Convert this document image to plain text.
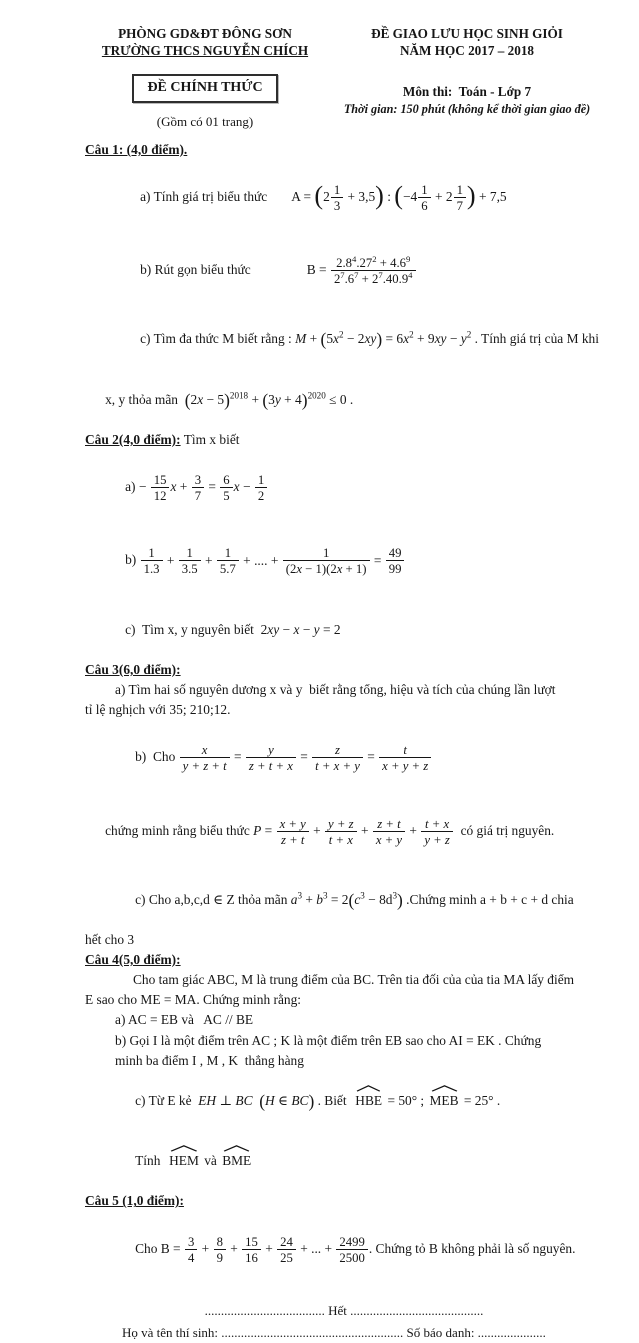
PHÒNG GD&ĐT ĐÔNG SƠN
TRƯỜNG THCS NGUYỄN CHÍCH
ĐỀ CHÍNH THỨC
(Gồm có 01 trang)
ĐỀ GIAO LƯU HỌC SINH GIỎI
NĂM HỌC 2017 – 2018
Môn thi:  Toán - Lớp 7
Thời gian: 150 phút (không kể thời gian giao đề)
Câu 1: (4,0 điểm).

a) Tính giá trị biểu thức $A = (2 \frac{1}{3} + 3,5)$ : ($-4 \frac{1}{6} + 2 \frac{1}{7}$ ) + 7,5

b) Rút gọn biểu thức	$B = \frac{2.8^4.27^2 + 4.6^9}{2^7.6^7 + 2^7.40.9^4}$

c) Tìm đa thức M biết rằng : $M + (5x^2 - 2xy) = 6x^2 + 9xy - y^2$ . Tính giá trị của M khi

x, y thỏa mãn  $(2x - 5)^{2018} + (3y + 4)^{2020} \le 0$ .

Câu 2(4,0 điểm): Tìm x biết

$a) - \frac{15}{12}$ $x + \frac{3}{7} = \frac{6}{5}$ $x - \frac{1}{2}$

$b) \frac{1}{1.3} + \frac{1}{3.5} + \frac{1}{5.7}$ + .... + $\frac{1}{(2x - 1)(2x + 1)} = \frac{49}{99}$

c)  Tìm x, y nguyên biết  2xy − x − y = 2

Câu 3(6,0 điểm):
a) Tìm hai số nguyên dương x và y  biết rằng tổng, hiệu và tích của chúng lần lượt
tỉ lệ nghịch với 35; 210;12.

b)  Cho $\frac{x}{y + z + t} = \frac{y}{z + t + x} = \frac{z}{t + x + y} = \frac{t}{x + y + z}$

chứng minh rằng biểu thức $P = \frac{x + y}{z + t} + \frac{y + z}{t + x} + \frac{z + t}{x + y} + \frac{t + x}{y + z}$ có giá trị nguyên.

c) Cho a,b,c,d ∈ Z thỏa mãn $a^3 + b^3 = 2(c^3 - 8d^3)$ .Chứng minh a + b + c + d chia

hết cho 3
Câu 4(5,0 điểm):
Cho tam giác ABC, M là trung điểm của BC. Trên tia đối của của tia MA lấy điểm
E sao cho ME = MA. Chứng minh rằng:
a) AC = EB và   AC // BE
b) Gọi I là một điểm trên AC ; K là một điểm trên EB sao cho AI = EK . Chứng
minh ba điểm I , M , K  thẳng hàng

c) Từ E kẻ  EH ⊥ BC (H ∈ BC) . Biết
HBE = 50° ;
MEB = 25° .

Tính
HEM và
BME

Câu 5 (1,0 điểm):

Cho $B = \frac{3}{4} + \frac{8}{9} + \frac{15}{16} + \frac{24}{25}$ + ... + $\frac{2499}{2500}$ . Chứng tỏ B không phải là số nguyên.

..................................... Hết .........................................
Họ và tên thí sinh: ........................................................ Số báo danh: .....................
